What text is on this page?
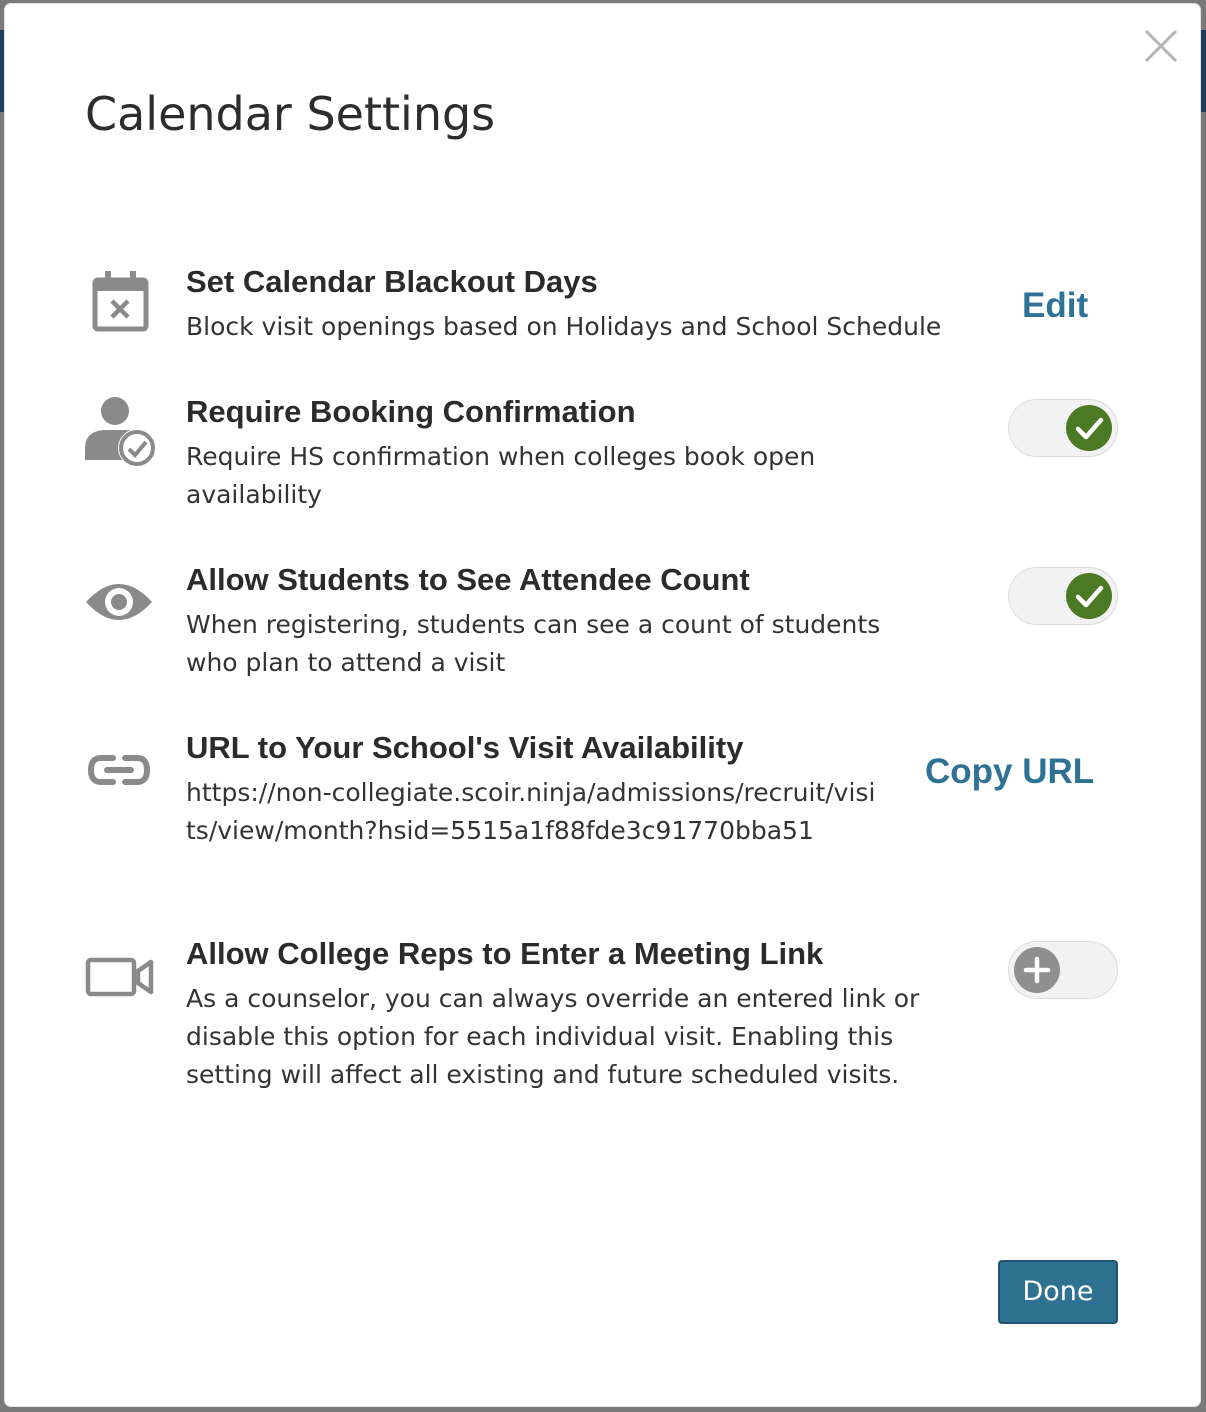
Calendar Settings
Set Calendar Blackout Days
Block visit openings based on Holidays and School Schedule
Edit
Require Booking Confirmation
Require HS confirmation when colleges book open availability
Allow Students to See Attendee Count
When registering, students can see a count of students who plan to attend a visit
URL to Your School's Visit Availability
https://non-collegiate.scoir.ninja/admissions/recruit/visits/view/month?hsid=5515a1f88fde3c91770bba51
Copy URL
Allow College Reps to Enter a Meeting Link
As a counselor, you can always override an entered link or disable this option for each individual visit. Enabling this setting will affect all existing and future scheduled visits.
Done
